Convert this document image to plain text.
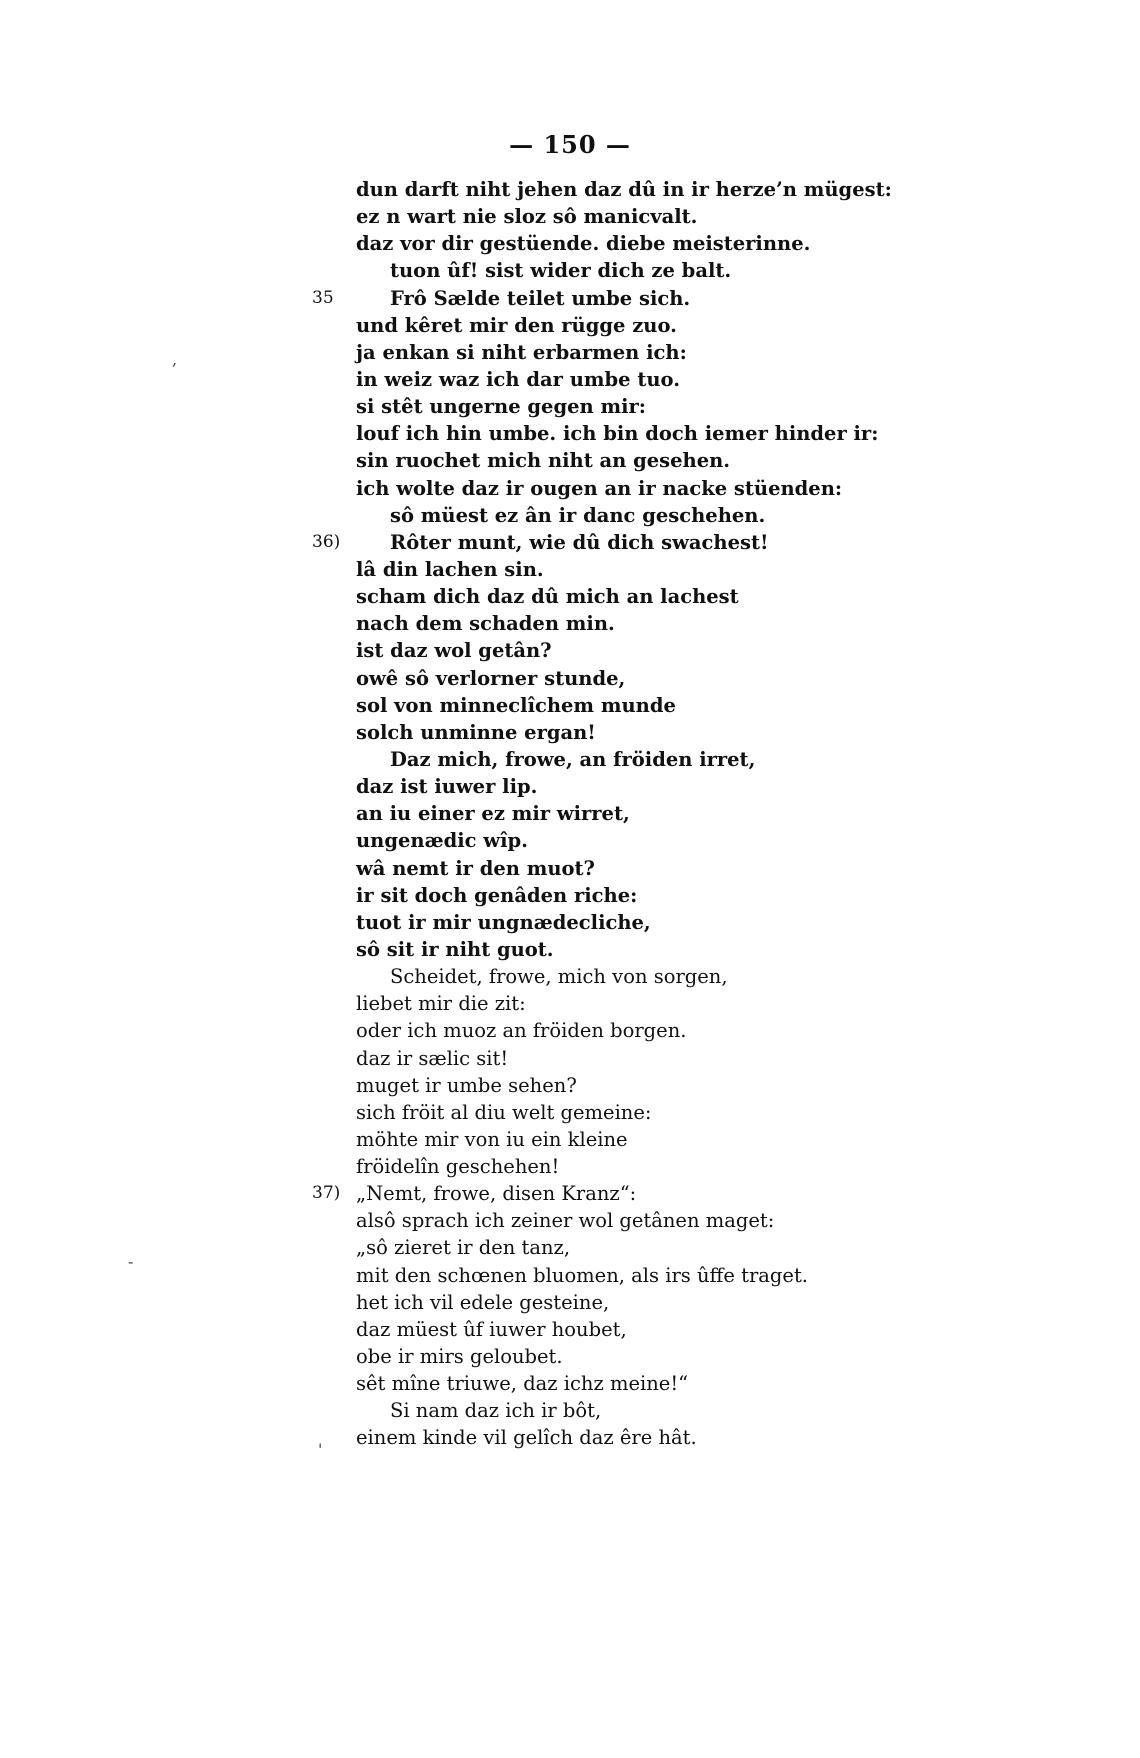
— 150 —
,
-
'
dun darft niht jehen daz dû in ir herze’n mügest:
ez n wart nie sloz sô manicvalt.
daz vor dir gestüende. diebe meisterinne.
tuon ûf! sist wider dich ze balt.
35	Frô Sælde teilet umbe sich.
und kêret mir den rügge zuo.
ja enkan si niht erbarmen ich:
in weiz waz ich dar umbe tuo.
si stêt ungerne gegen mir:
louf ich hin umbe. ich bin doch iemer hinder ir:
sin ruochet mich niht an gesehen.
ich wolte daz ir ougen an ir nacke stüenden:
sô müest ez ân ir danc geschehen.
36)	Rôter munt, wie dû dich swachest!
lâ din lachen sin.
scham dich daz dû mich an lachest
nach dem schaden min.
ist daz wol getân?
owê sô verlorner stunde,
sol von minneclîchem munde
solch unminne ergan!
Daz mich, frowe, an fröiden irret,
daz ist iuwer lip.
an iu einer ez mir wirret,
ungenædic wîp.
wâ nemt ir den muot?
ir sit doch genâden riche:
tuot ir mir ungnædecliche,
sô sit ir niht guot.
Scheidet, frowe, mich von sorgen,
liebet mir die zit:
oder ich muoz an fröiden borgen.
daz ir sælic sit!
muget ir umbe sehen?
sich fröit al diu welt gemeine:
möhte mir von iu ein kleine
fröidelîn geschehen!
37) „Nemt, frowe, disen Kranz“:
alsô sprach ich zeiner wol getânen maget:
„sô zieret ir den tanz,
mit den schœnen bluomen, als irs ûffe traget.
het ich vil edele gesteine,
daz müest ûf iuwer houbet,
obe ir mirs geloubet.
sêt mîne triuwe, daz ichz meine!“
Si nam daz ich ir bôt,
einem kinde vil gelîch daz êre hât.
